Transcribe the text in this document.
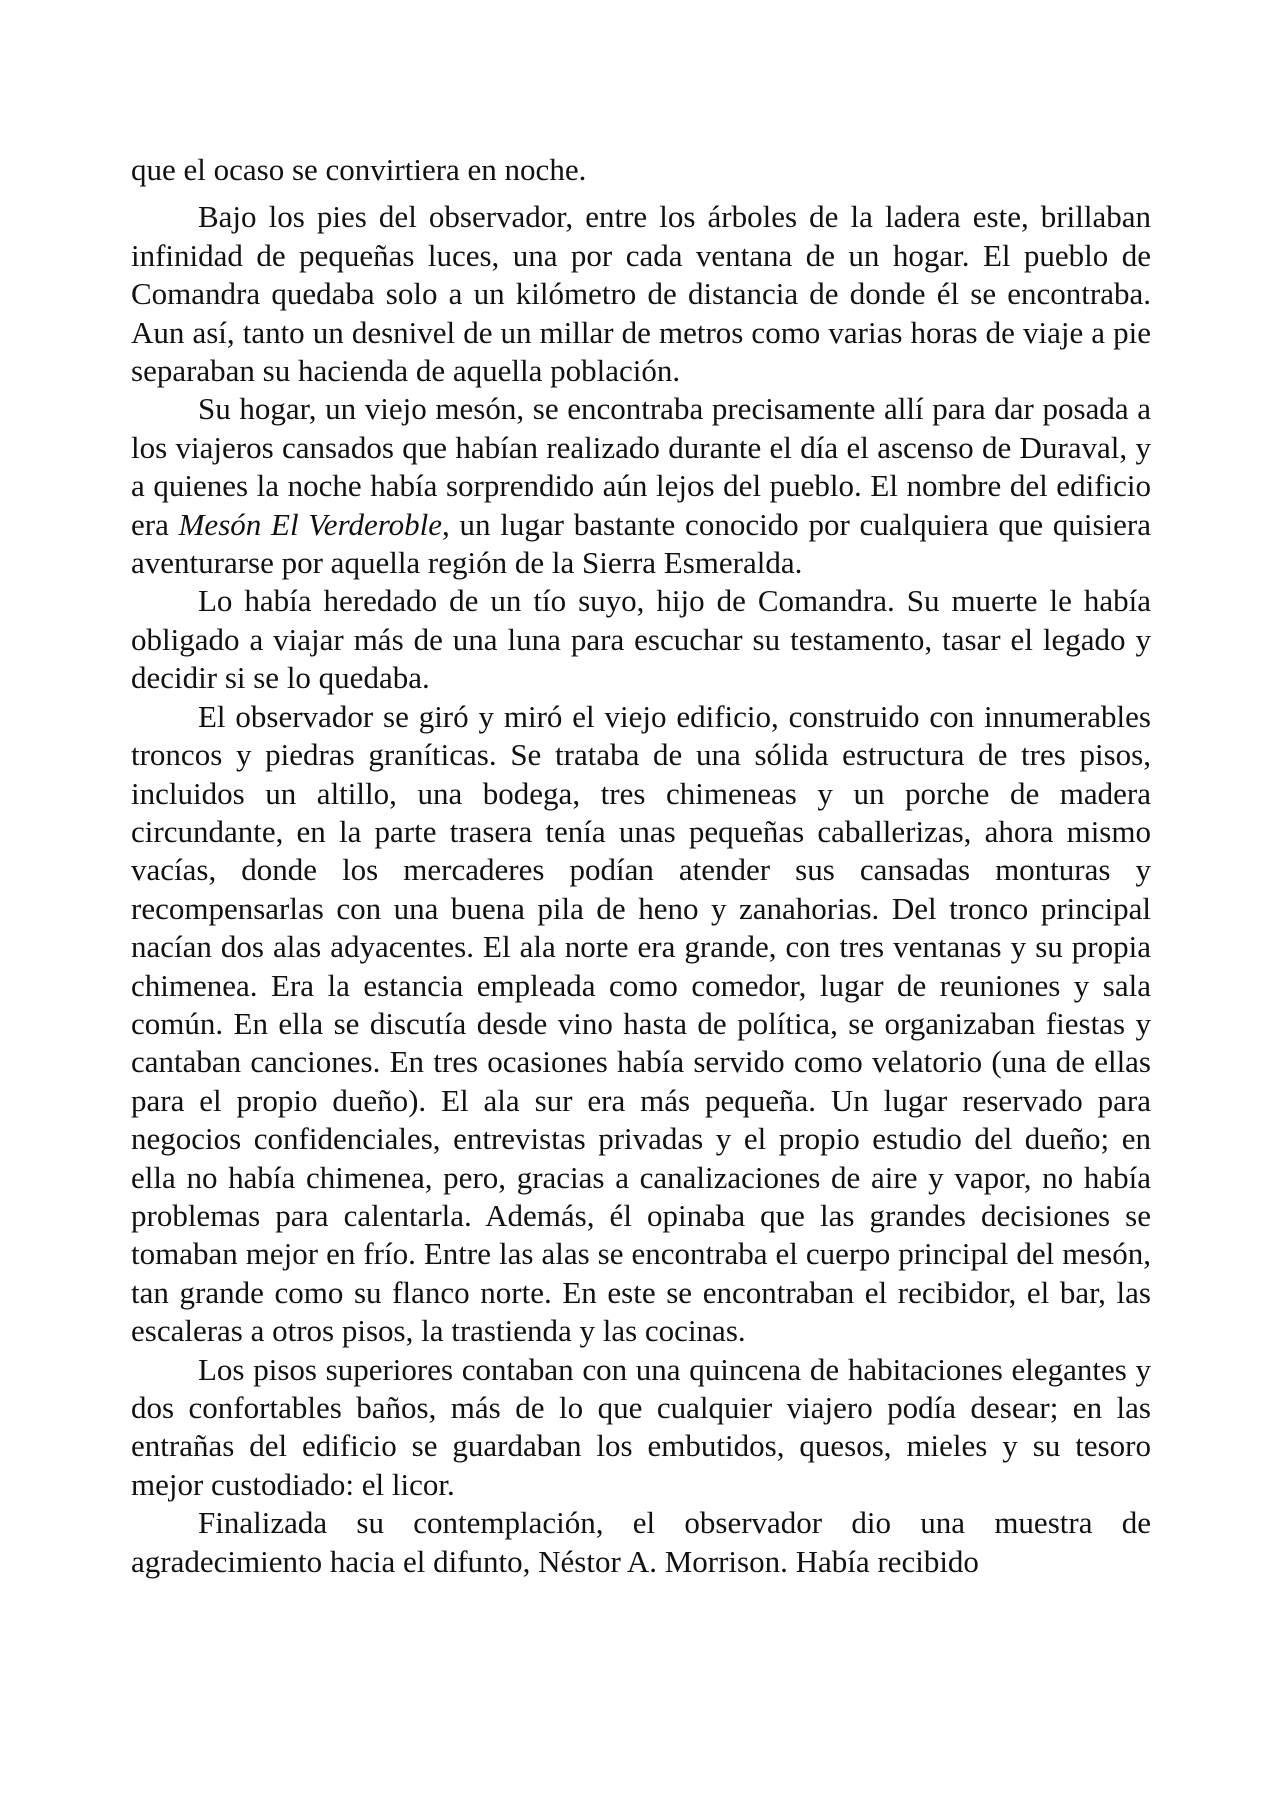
que el ocaso se convirtiera en noche.

Bajo los pies del observador, entre los árboles de la ladera este, brillaban infinidad de pequeñas luces, una por cada ventana de un hogar. El pueblo de Comandra quedaba solo a un kilómetro de distancia de donde él se encontraba. Aun así, tanto un desnivel de un millar de metros como varias horas de viaje a pie separaban su hacienda de aquella población.

Su hogar, un viejo mesón, se encontraba precisamente allí para dar posada a los viajeros cansados que habían realizado durante el día el ascenso de Duraval, y a quienes la noche había sorprendido aún lejos del pueblo. El nombre del edificio era Mesón El Verderoble, un lugar bastante conocido por cualquiera que quisiera aventurarse por aquella región de la Sierra Esmeralda.

Lo había heredado de un tío suyo, hijo de Comandra. Su muerte le había obligado a viajar más de una luna para escuchar su testamento, tasar el legado y decidir si se lo quedaba.

El observador se giró y miró el viejo edificio, construido con innumerables troncos y piedras graníticas. Se trataba de una sólida estructura de tres pisos, incluidos un altillo, una bodega, tres chimeneas y un porche de madera circundante, en la parte trasera tenía unas pequeñas caballerizas, ahora mismo vacías, donde los mercaderes podían atender sus cansadas monturas y recompensarlas con una buena pila de heno y zanahorias. Del tronco principal nacían dos alas adyacentes. El ala norte era grande, con tres ventanas y su propia chimenea. Era la estancia empleada como comedor, lugar de reuniones y sala común. En ella se discutía desde vino hasta de política, se organizaban fiestas y cantaban canciones. En tres ocasiones había servido como velatorio (una de ellas para el propio dueño). El ala sur era más pequeña. Un lugar reservado para negocios confidenciales, entrevistas privadas y el propio estudio del dueño; en ella no había chimenea, pero, gracias a canalizaciones de aire y vapor, no había problemas para calentarla. Además, él opinaba que las grandes decisiones se tomaban mejor en frío. Entre las alas se encontraba el cuerpo principal del mesón, tan grande como su flanco norte. En este se encontraban el recibidor, el bar, las escaleras a otros pisos, la trastienda y las cocinas.

Los pisos superiores contaban con una quincena de habitaciones elegantes y dos confortables baños, más de lo que cualquier viajero podía desear; en las entrañas del edificio se guardaban los embutidos, quesos, mieles y su tesoro mejor custodiado: el licor.

Finalizada su contemplación, el observador dio una muestra de agradecimiento hacia el difunto, Néstor A. Morrison. Había recibido
